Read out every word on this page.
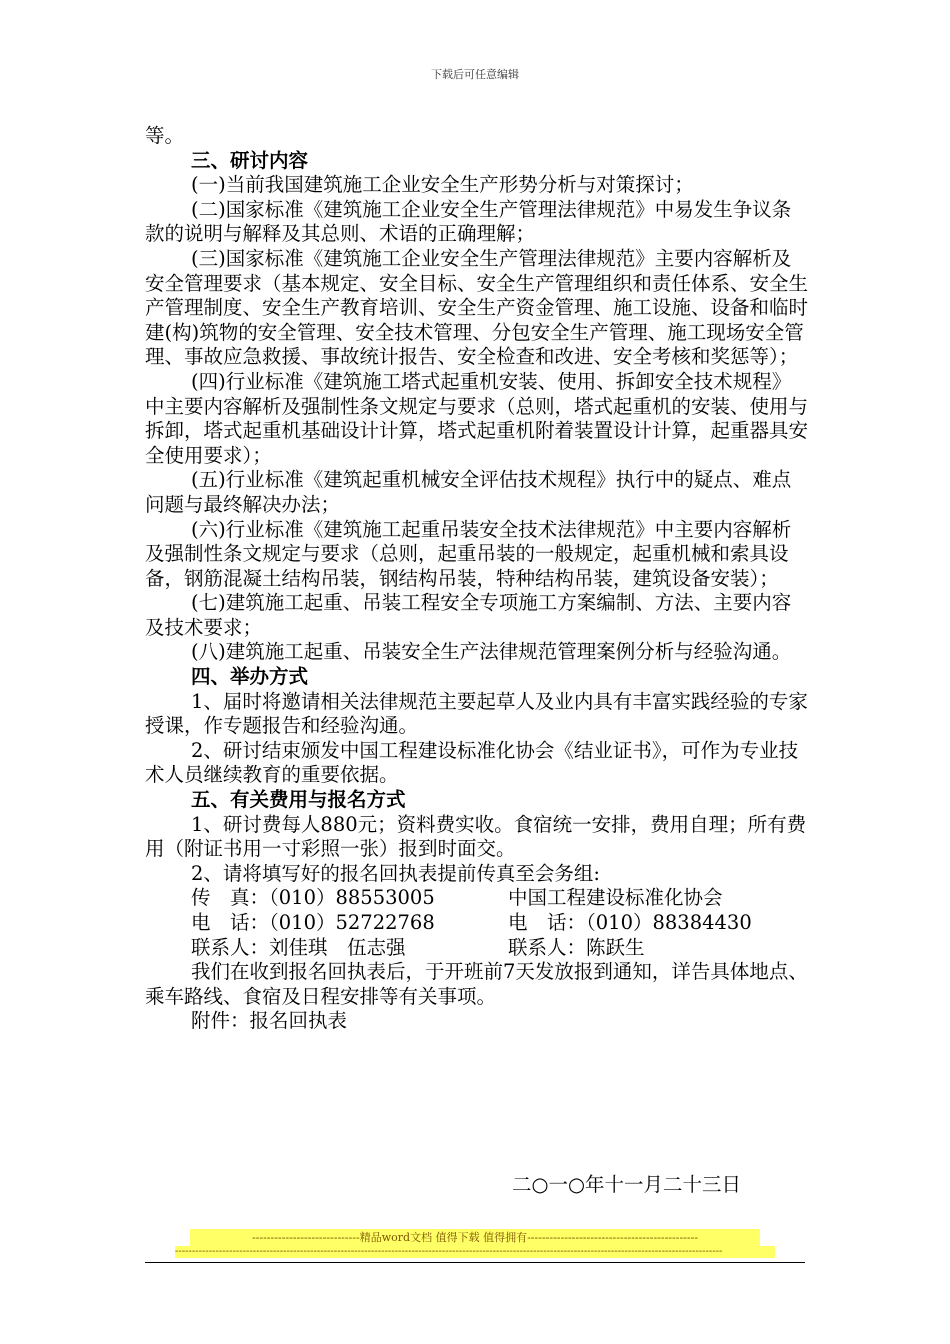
下载后可任意编辑

等。

三、研讨内容

(一)当前我国建筑施工企业安全生产形势分析与对策探讨；

(二)国家标准《建筑施工企业安全生产管理法律规范》中易发生争议条款的说明与解释及其总则、术语的正确理解；

(三)国家标准《建筑施工企业安全生产管理法律规范》主要内容解析及安全管理要求（基本规定、安全目标、安全生产管理组织和责任体系、安全生产管理制度、安全生产教育培训、安全生产资金管理、施工设施、设备和临时建(构)筑物的安全管理、安全技术管理、分包安全生产管理、施工现场安全管理、事故应急救援、事故统计报告、安全检查和改进、安全考核和奖惩等）；

(四)行业标准《建筑施工塔式起重机安装、使用、拆卸安全技术规程》中主要内容解析及强制性条文规定与要求（总则，塔式起重机的安装、使用与拆卸，塔式起重机基础设计计算，塔式起重机附着装置设计计算，起重器具安全使用要求）；

(五)行业标准《建筑起重机械安全评估技术规程》执行中的疑点、难点问题与最终解决办法；

(六)行业标准《建筑施工起重吊装安全技术法律规范》中主要内容解析及强制性条文规定与要求（总则，起重吊装的一般规定，起重机械和索具设备，钢筋混凝土结构吊装，钢结构吊装，特种结构吊装，建筑设备安装）；

(七)建筑施工起重、吊装工程安全专项施工方案编制、方法、主要内容及技术要求；

(八)建筑施工起重、吊装安全生产法律规范管理案例分析与经验沟通。

四、举办方式

1、届时将邀请相关法律规范主要起草人及业内具有丰富实践经验的专家授课，作专题报告和经验沟通。

2、研讨结束颁发中国工程建设标准化协会《结业证书》，可作为专业技术人员继续教育的重要依据。

五、有关费用与报名方式

1、研讨费每人880元；资料费实收。食宿统一安排，费用自理；所有费用（附证书用一寸彩照一张）报到时面交。

2、请将填写好的报名回执表提前传真至会务组:

传　真：（010）88553005	中国工程建设标准化协会
电　话：（010）52722768	电　话：（010）88384430
联系人：刘佳琪　伍志强	联系人：陈跃生

我们在收到报名回执表后，于开班前7天发放报到通知，详告具体地点、乘车路线、食宿及日程安排等有关事项。

附件：报名回执表

二○一○年十一月二十三日
-----------------------------精品word文档 值得下载 值得拥有----------------------------------------------
------------------------------------------------------------------------------------------------------------------------------------------------------------------
